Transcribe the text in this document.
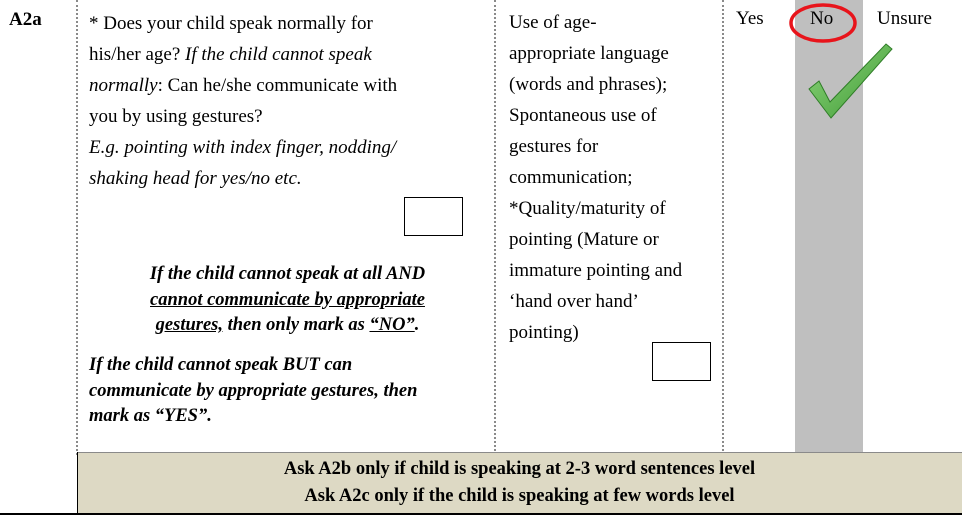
A2a * Does your child speak normally for
his/her age? If the child cannot speak
normally: Can he/she communicate with
you by using gestures?
E.g. pointing with index finger, nodding/
shaking head for yes/no etc.
If the child cannot speak at all AND
cannot communicate by appropriate
gestures, then only mark as “NO”.
If the child cannot speak BUT can
communicate by appropriate gestures, then
mark as “YES”.
Use of age-
appropriate language
(words and phrases);
Spontaneous use of
gestures for
communication;
*Quality/maturity of
pointing (Mature or
immature pointing and
‘hand over hand’
pointing)
Yes No Unsure
Ask A2b only if child is speaking at 2-3 word sentences level
Ask A2c only if the child is speaking at few words level
